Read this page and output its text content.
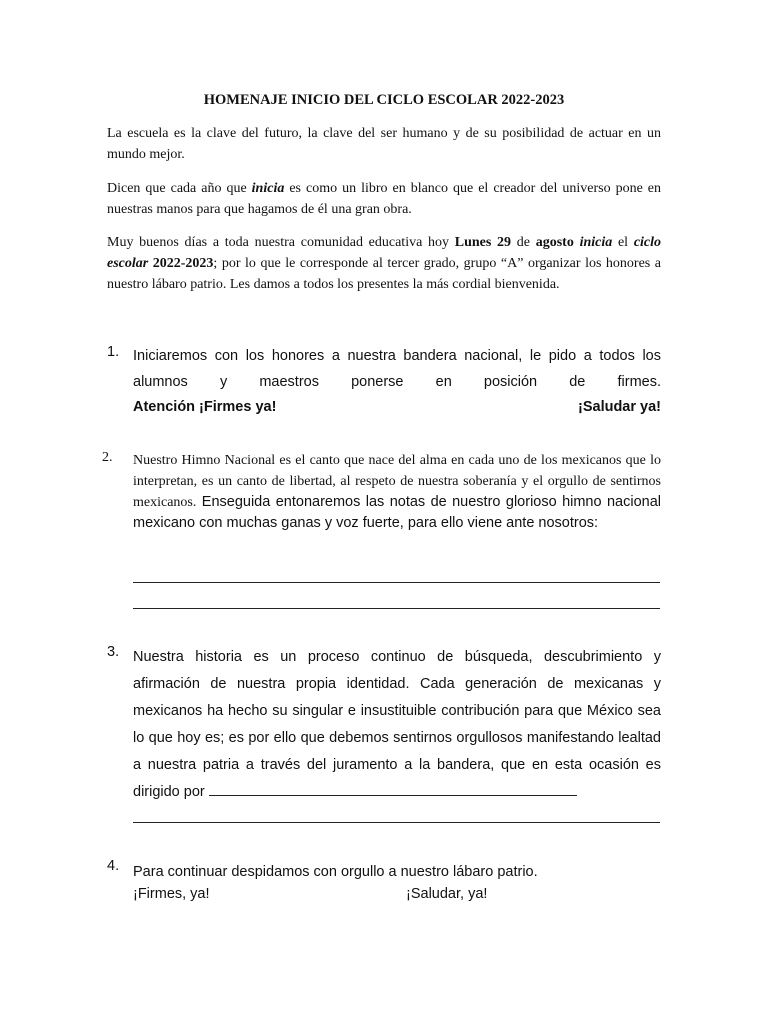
HOMENAJE INICIO DEL CICLO ESCOLAR 2022-2023

La escuela es la clave del futuro, la clave del ser humano y de su posibilidad de actuar en un mundo mejor.

Dicen que cada año que inicia es como un libro en blanco que el creador del universo pone en nuestras manos para que hagamos de él una gran obra.

Muy buenos días a toda nuestra comunidad educativa hoy Lunes 29 de agosto inicia el ciclo escolar 2022-2023; por lo que le corresponde al tercer grado, grupo “A” organizar los honores a nuestro lábaro patrio. Les damos a todos los presentes la más cordial bienvenida.

1. Iniciaremos con los honores a nuestra bandera nacional, le pido a todos los
alumnos y maestros ponerse en posición de firmes.
Atención ¡Firmes ya!	¡Saludar ya!
2. Nuestro Himno Nacional es el canto que nace del alma en cada uno de los mexicanos que lo interpretan, es un canto de libertad, al respeto de nuestra soberanía y el orgullo de sentirnos mexicanos. Enseguida entonaremos las notas de nuestro glorioso himno nacional mexicano con muchas ganas y voz fuerte, para ello viene ante nosotros:

3. Nuestra historia es un proceso continuo de búsqueda, descubrimiento y afirmación de nuestra propia identidad. Cada generación de mexicanas y mexicanos ha hecho su singular e insustituible contribución para que México sea lo que hoy es; es por ello que debemos sentirnos orgullosos manifestando lealtad a nuestra patria a través del juramento a la bandera, que en esta ocasión es dirigido por

4. Para continuar despidamos con orgullo a nuestro lábaro patrio.

¡Firmes, ya!	¡Saludar, ya!
